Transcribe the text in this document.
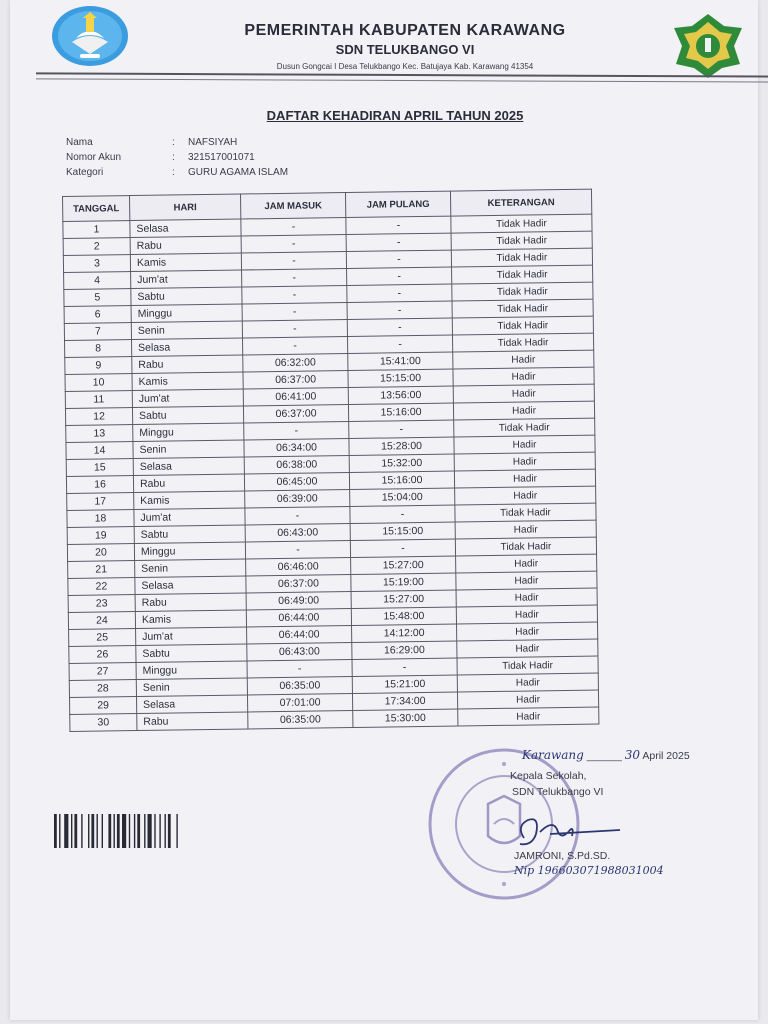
PEMERINTAH KABUPATEN KARAWANG
SDN TELUKBANGO VI
Dusun Gongcai I Desa Telukbango Kec. Batujaya Kab. Karawang 41354
DAFTAR KEHADIRAN APRIL TAHUN 2025
Nama	:	NAFSIYAH
Nomor Akun	:	321517001071
Kategori	:	GURU AGAMA ISLAM
TANGGAL	HARI	JAM MASUK	JAM PULANG	KETERANGAN
1	Selasa	-	-	Tidak Hadir
2	Rabu	-	-	Tidak Hadir
3	Kamis	-	-	Tidak Hadir
4	Jum'at	-	-	Tidak Hadir
5	Sabtu	-	-	Tidak Hadir
6	Minggu	-	-	Tidak Hadir
7	Senin	-	-	Tidak Hadir
8	Selasa	-	-	Tidak Hadir
9	Rabu	06:32:00	15:41:00	Hadir
10	Kamis	06:37:00	15:15:00	Hadir
11	Jum'at	06:41:00	13:56:00	Hadir
12	Sabtu	06:37:00	15:16:00	Hadir
13	Minggu	-	-	Tidak Hadir
14	Senin	06:34:00	15:28:00	Hadir
15	Selasa	06:38:00	15:32:00	Hadir
16	Rabu	06:45:00	15:16:00	Hadir
17	Kamis	06:39:00	15:04:00	Hadir
18	Jum'at	-	-	Tidak Hadir
19	Sabtu	06:43:00	15:15:00	Hadir
20	Minggu	-	-	Tidak Hadir
21	Senin	06:46:00	15:27:00	Hadir
22	Selasa	06:37:00	15:19:00	Hadir
23	Rabu	06:49:00	15:27:00	Hadir
24	Kamis	06:44:00	15:48:00	Hadir
25	Jum'at	06:44:00	14:12:00	Hadir
26	Sabtu	06:43:00	16:29:00	Hadir
27	Minggu	-	-	Tidak Hadir
28	Senin	06:35:00	15:21:00	Hadir
29	Selasa	07:01:00	17:34:00	Hadir
30	Rabu	06:35:00	15:30:00	Hadir
Karawang ______ 30 April 2025
Kepala Sekolah,
SDN Telukbango VI
JAMRONI, S.Pd.SD.
Nip 196603071988031004
